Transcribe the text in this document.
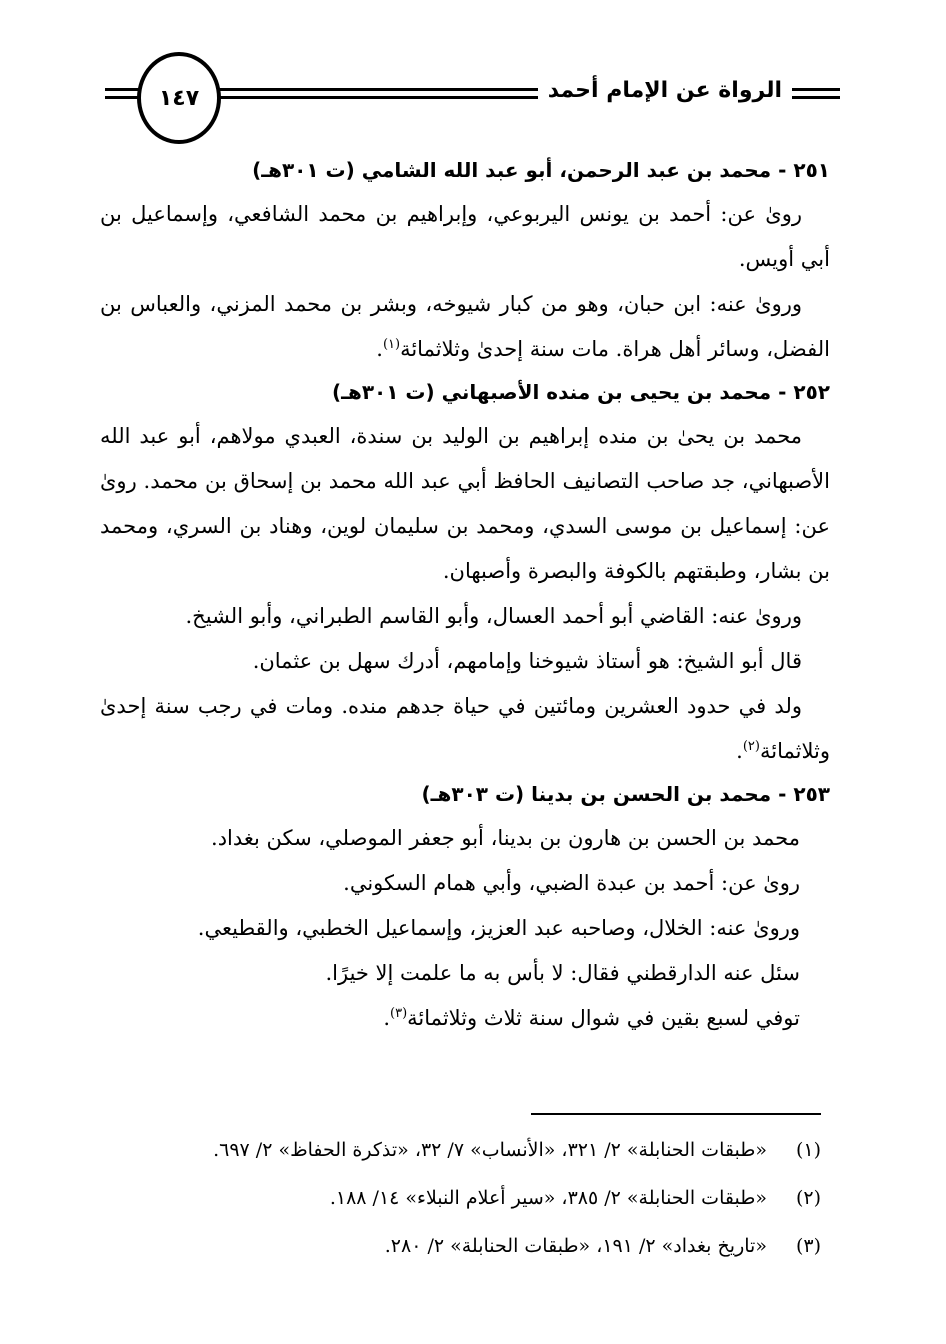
الرواة عن الإمام أحمد
١٤٧
٢٥١ - محمد بن عبد الرحمن، أبو عبد الله الشامي (ت ٣٠١هـ)

رویٰ عن: أحمد بن يونس اليربوعي، وإبراهيم بن محمد الشافعي، وإسماعيل بن أبي أويس.

ورویٰ عنه: ابن حبان، وهو من كبار شيوخه، وبشر بن محمد المزني، والعباس بن الفضل، وسائر أهل هراة. مات سنة إحدیٰ وثلاثمائة$^{(١)}$.

٢٥٢ - محمد بن يحيى بن منده الأصبهاني (ت ٣٠١هـ)

محمد بن يحیٰ بن منده إبراهيم بن الوليد بن سندة، العبدي مولاهم، أبو عبد الله الأصبهاني، جد صاحب التصانيف الحافظ أبي عبد الله محمد بن إسحاق بن محمد. رویٰ عن: إسماعيل بن موسى السدي، ومحمد بن سليمان لوين، وهناد بن السري، ومحمد بن بشار، وطبقتهم بالكوفة والبصرة وأصبهان.

ورویٰ عنه: القاضي أبو أحمد العسال، وأبو القاسم الطبراني، وأبو الشيخ.

قال أبو الشيخ: هو أستاذ شيوخنا وإمامهم، أدرك سهل بن عثمان.

ولد في حدود العشرين ومائتين في حياة جدهم منده. ومات في رجب سنة إحدیٰ وثلاثمائة$^{(٢)}$.

٢٥٣ - محمد بن الحسن بن بدينا (ت ٣٠٣هـ)

محمد بن الحسن بن هارون بن بدينا، أبو جعفر الموصلي، سكن بغداد.

رویٰ عن: أحمد بن عبدة الضبي، وأبي همام السكوني.

ورویٰ عنه: الخلال، وصاحبه عبد العزيز، وإسماعيل الخطبي، والقطيعي.

سئل عنه الدارقطني فقال: لا بأس به ما علمت إلا خيرًا.

توفي لسبع بقين في شوال سنة ثلاث وثلاثمائة$^{(٣)}$.

(١) «طبقات الحنابلة» ٢/ ٣٢١، «الأنساب» ٧/ ٣٢، «تذكرة الحفاظ» ٢/ ٦٩٧.
(٢) «طبقات الحنابلة» ٢/ ٣٨٥، «سير أعلام النبلاء» ١٤/ ١٨٨.
(٣) «تاريخ بغداد» ٢/ ١٩١، «طبقات الحنابلة» ٢/ ٢٨٠.
